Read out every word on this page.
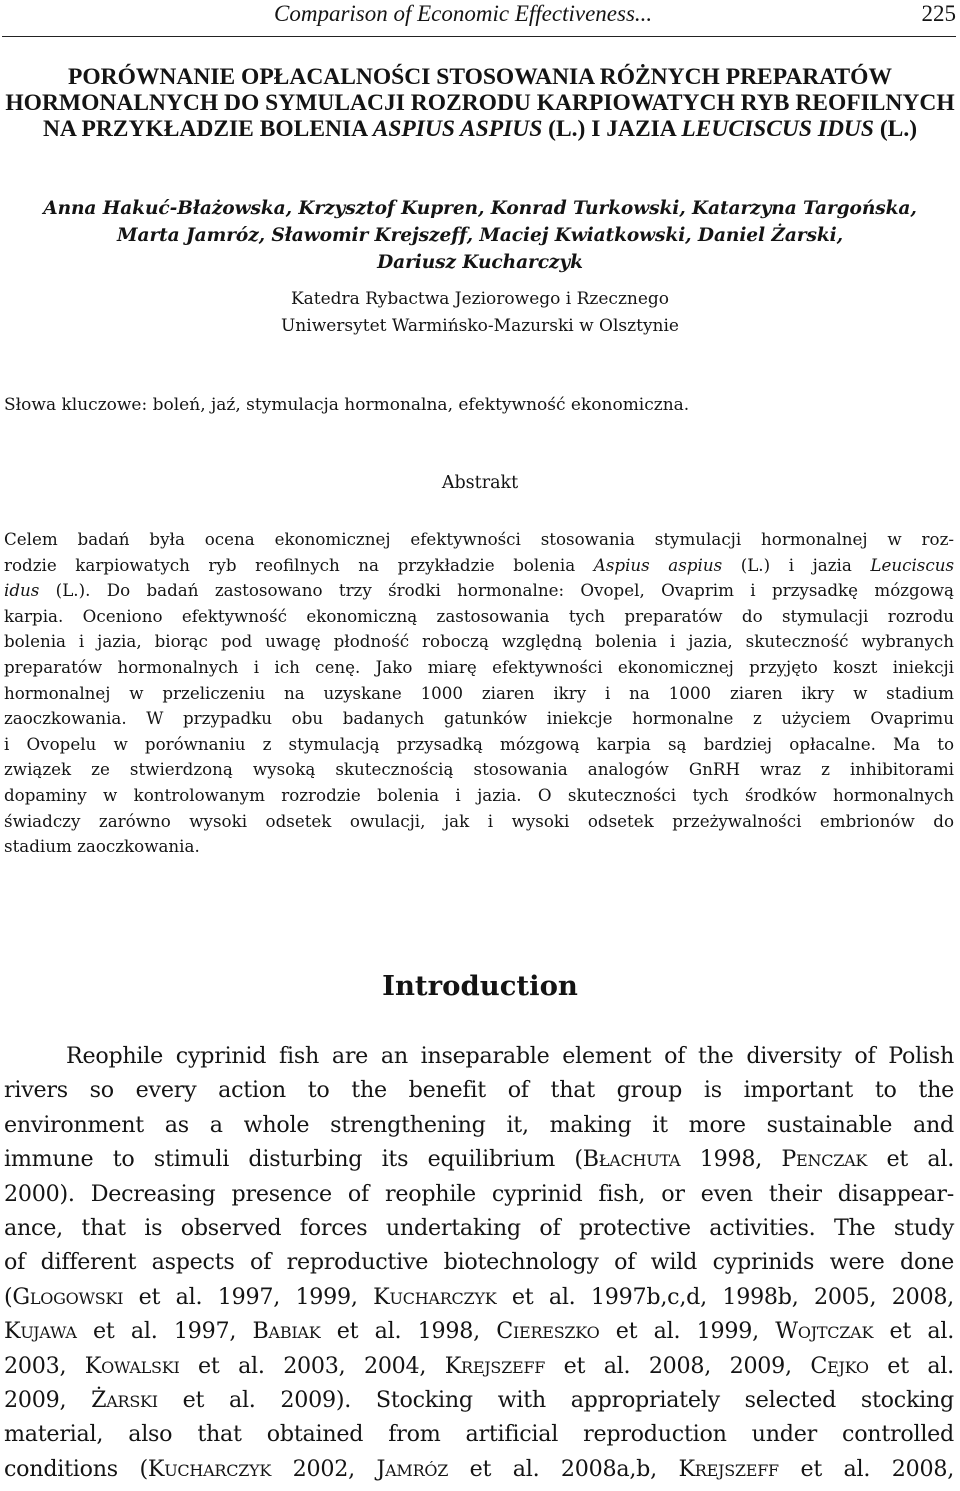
Comparison of Economic Effectiveness...	225
PORÓWNANIE OPŁACALNOŚCI STOSOWANIA RÓŻNYCH PREPARATÓW
HORMONALNYCH DO SYMULACJI ROZRODU KARPIOWATYCH RYB REOFILNYCH
NA PRZYKŁADZIE BOLENIA ASPIUS ASPIUS (L.) I JAZIA LEUCISCUS IDUS (L.)
Anna Hakuć-Błażowska, Krzysztof Kupren, Konrad Turkowski, Katarzyna Targońska,
Marta Jamróz, Sławomir Krejszeff, Maciej Kwiatkowski, Daniel Żarski,
Dariusz Kucharczyk
Katedra Rybactwa Jeziorowego i Rzecznego
Uniwersytet Warmińsko-Mazurski w Olsztynie
Słowa kluczowe: boleń, jaź, stymulacja hormonalna, efektywność ekonomiczna.
Abstrakt
Celem badań była ocena ekonomicznej efektywności stosowania stymulacji hormonalnej w roz-
rodzie karpiowatych ryb reofilnych na przykładzie bolenia Aspius aspius (L.) i jazia Leuciscus
idus (L.). Do badań zastosowano trzy środki hormonalne: Ovopel, Ovaprim i przysadkę mózgową
karpia. Oceniono efektywność ekonomiczną zastosowania tych preparatów do stymulacji rozrodu
bolenia i jazia, biorąc pod uwagę płodność roboczą względną bolenia i jazia, skuteczność wybranych
preparatów hormonalnych i ich cenę. Jako miarę efektywności ekonomicznej przyjęto koszt iniekcji
hormonalnej w przeliczeniu na uzyskane 1000 ziaren ikry i na 1000 ziaren ikry w stadium
zaoczkowania. W przypadku obu badanych gatunków iniekcje hormonalne z użyciem Ovaprimu
i Ovopelu w porównaniu z stymulacją przysadką mózgową karpia są bardziej opłacalne. Ma to
związek ze stwierdzoną wysoką skutecznością stosowania analogów GnRH wraz z inhibitorami
dopaminy w kontrolowanym rozrodzie bolenia i jazia. O skuteczności tych środków hormonalnych
świadczy zarówno wysoki odsetek owulacji, jak i wysoki odsetek przeżywalności embrionów do
stadium zaoczkowania.
Introduction
Reophile cyprinid fish are an inseparable element of the diversity of Polish
rivers so every action to the benefit of that group is important to the
environment as a whole strengthening it, making it more sustainable and
immune to stimuli disturbing its equilibrium (Błachuta 1998, Penczak et al.
2000). Decreasing presence of reophile cyprinid fish, or even their disappear-
ance, that is observed forces undertaking of protective activities. The study
of different aspects of reproductive biotechnology of wild cyprinids were done
(Glogowski et al. 1997, 1999, Kucharczyk et al. 1997b,c,d, 1998b, 2005, 2008,
Kujawa et al. 1997, Babiak et al. 1998, Ciereszko et al. 1999, Wojtczak et al.
2003, Kowalski et al. 2003, 2004, Krejszeff et al. 2008, 2009, Cejko et al.
2009, Żarski et al. 2009). Stocking with appropriately selected stocking
material, also that obtained from artificial reproduction under controlled
conditions (Kucharczyk 2002, Jamróz et al. 2008a,b, Krejszeff et al. 2008,
